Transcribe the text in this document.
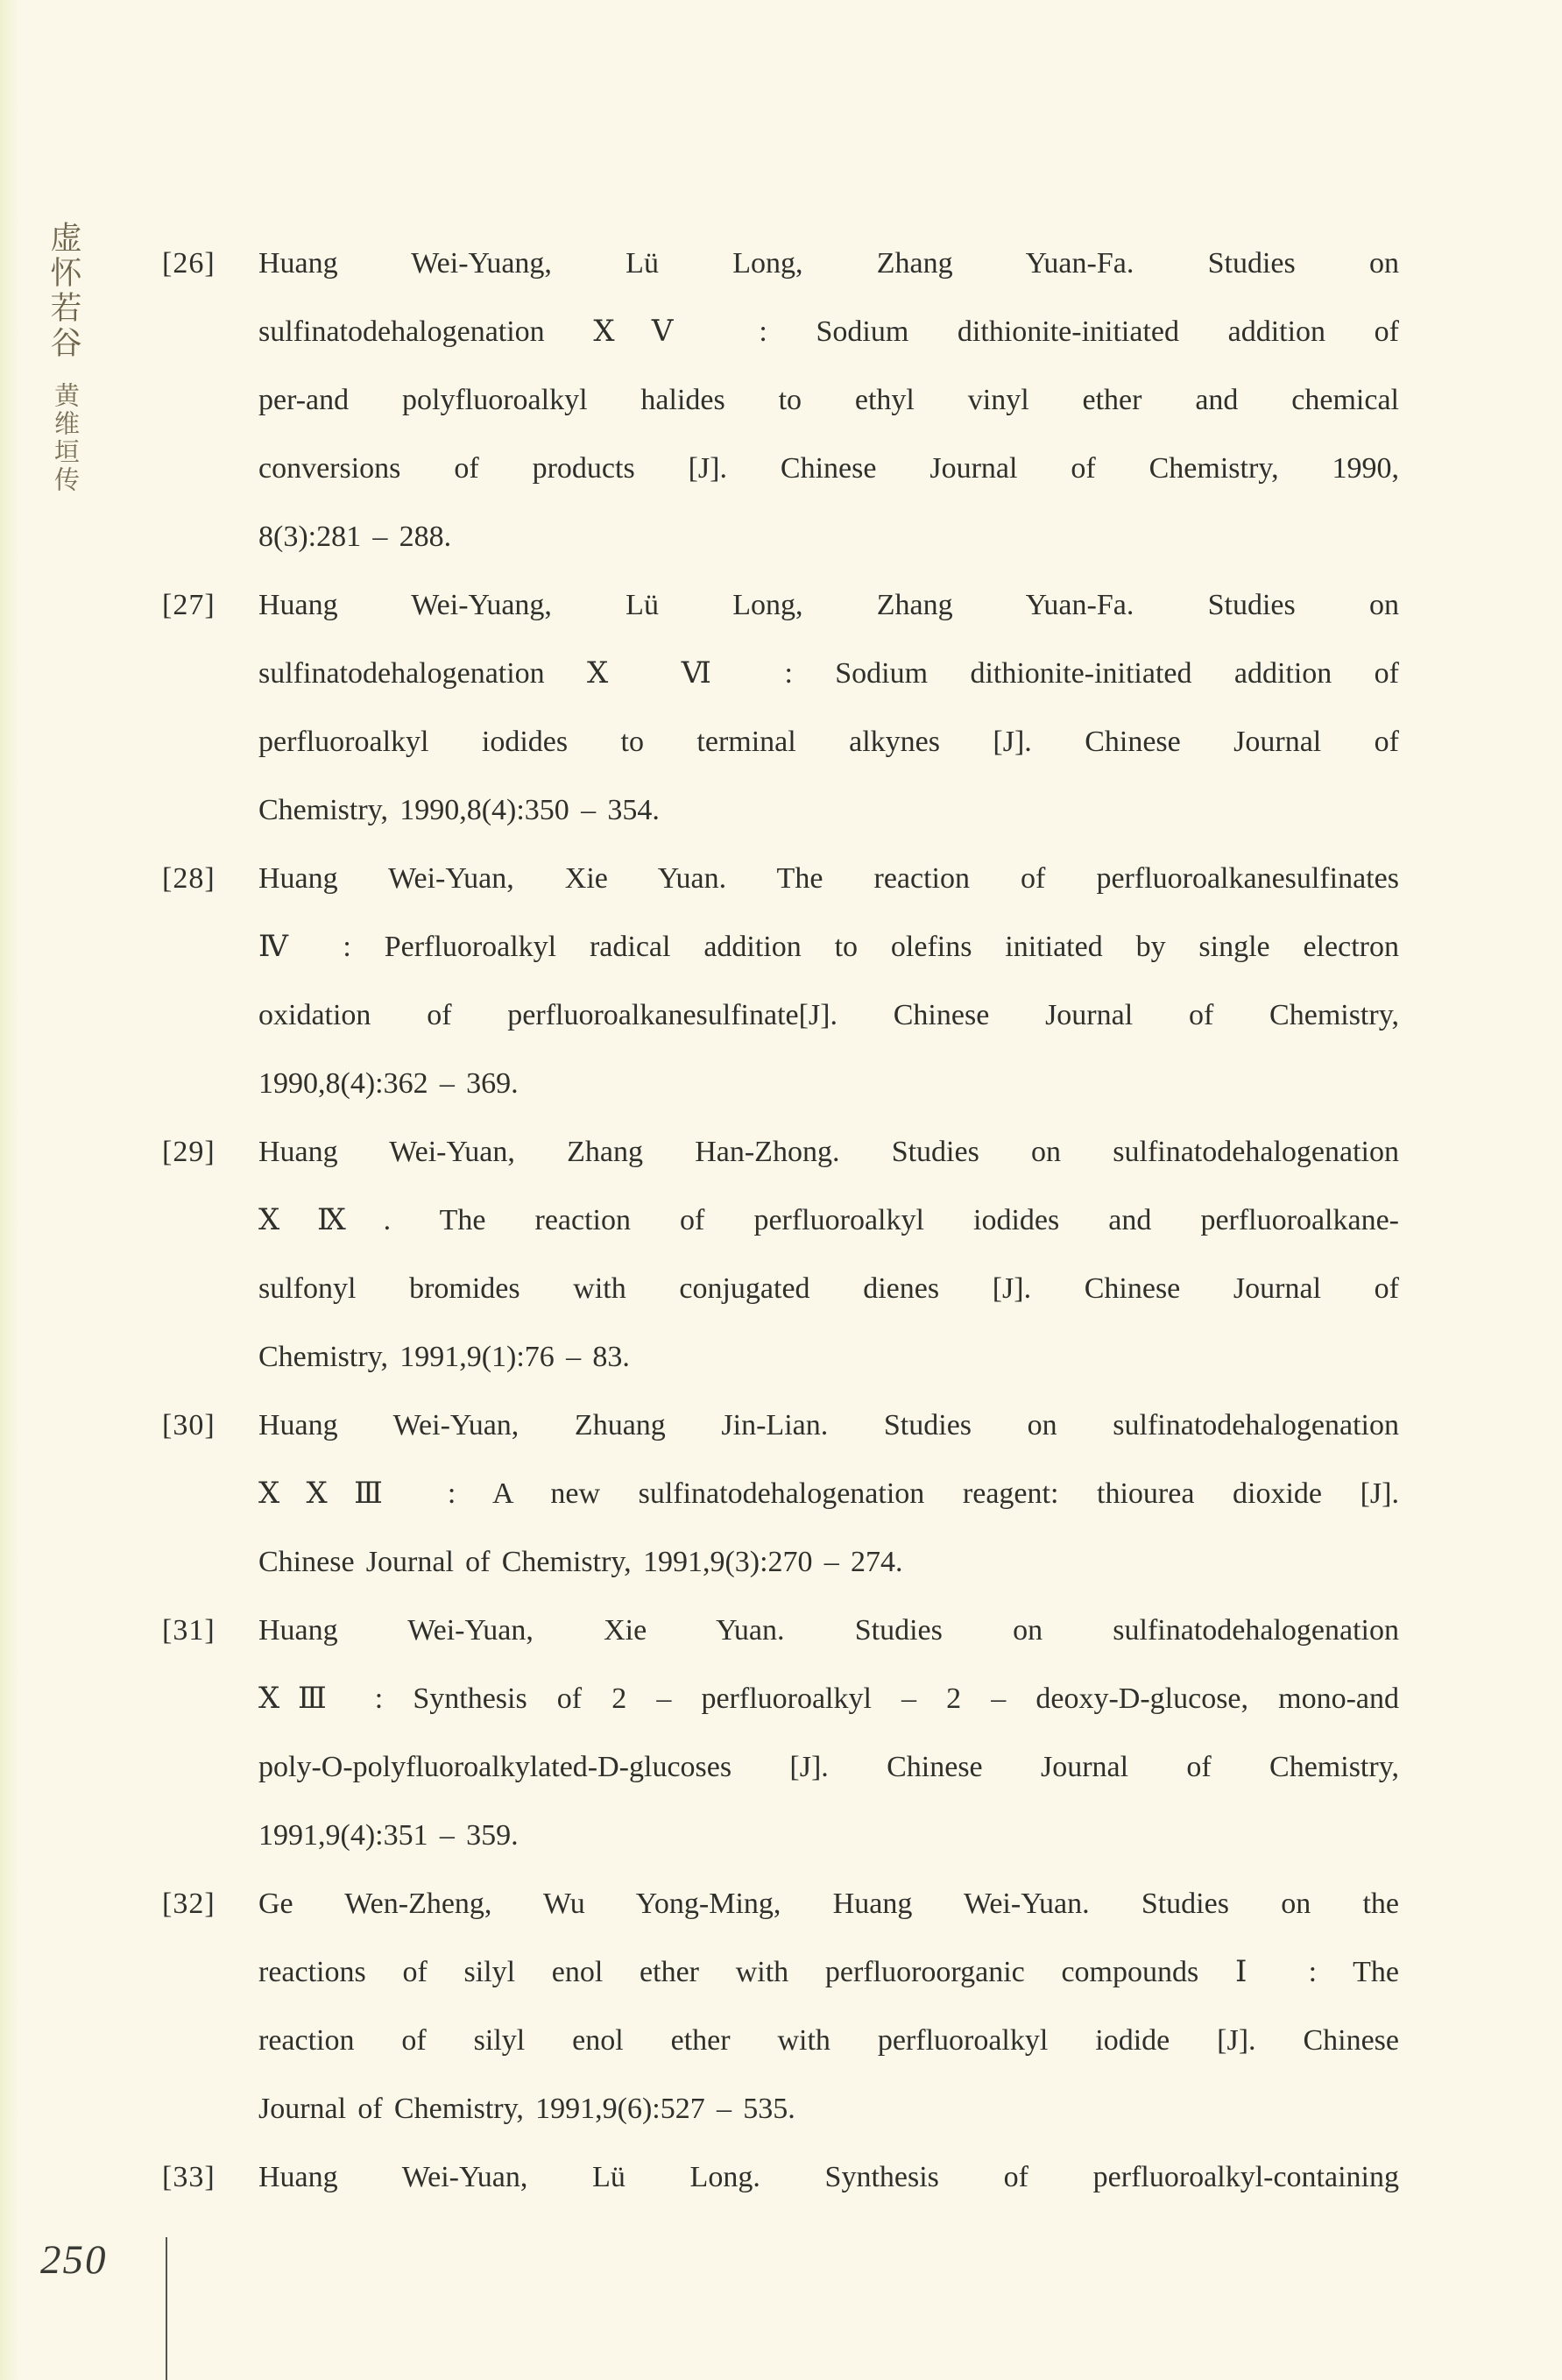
虚怀若谷
黄维垣传
[26] Huang Wei-Yuang, Lü Long, Zhang Yuan-Fa. Studies on
sulfinatodehalogenation ⅩⅤ : Sodium dithionite-initiated addition of
per-and polyfluoroalkyl halides to ethyl vinyl ether and chemical
conversions of products [J]. Chinese Journal of Chemistry, 1990,
8(3):281 – 288.
[27] Huang Wei-Yuang, Lü Long, Zhang Yuan-Fa. Studies on
sulfinatodehalogenation Ⅹ Ⅵ : Sodium dithionite-initiated addition of
perfluoroalkyl iodides to terminal alkynes [J]. Chinese Journal of
Chemistry, 1990,8(4):350 – 354.
[28] Huang Wei-Yuan, Xie Yuan. The reaction of perfluoroalkanesulfinates
Ⅳ : Perfluoroalkyl radical addition to olefins initiated by single electron
oxidation of perfluoroalkanesulfinate[J]. Chinese Journal of Chemistry,
1990,8(4):362 – 369.
[29] Huang Wei-Yuan, Zhang Han-Zhong. Studies on sulfinatodehalogenation
ⅩⅨ. The reaction of perfluoroalkyl iodides and perfluoroalkane-
sulfonyl bromides with conjugated dienes [J]. Chinese Journal of
Chemistry, 1991,9(1):76 – 83.
[30] Huang Wei-Yuan, Zhuang Jin-Lian. Studies on sulfinatodehalogenation
ⅩⅩⅢ : A new sulfinatodehalogenation reagent: thiourea dioxide [J].
Chinese Journal of Chemistry, 1991,9(3):270 – 274.
[31] Huang Wei-Yuan, Xie Yuan. Studies on sulfinatodehalogenation
ⅩⅢ : Synthesis of 2 – perfluoroalkyl – 2 – deoxy-D-glucose, mono-and
poly-O-polyfluoroalkylated-D-glucoses [J]. Chinese Journal of Chemistry,
1991,9(4):351 – 359.
[32] Ge Wen-Zheng, Wu Yong-Ming, Huang Wei-Yuan. Studies on the
reactions of silyl enol ether with perfluoroorganic compounds Ⅰ : The
reaction of silyl enol ether with perfluoroalkyl iodide [J]. Chinese
Journal of Chemistry, 1991,9(6):527 – 535.
[33] Huang Wei-Yuan, Lü Long. Synthesis of perfluoroalkyl-containing
250
